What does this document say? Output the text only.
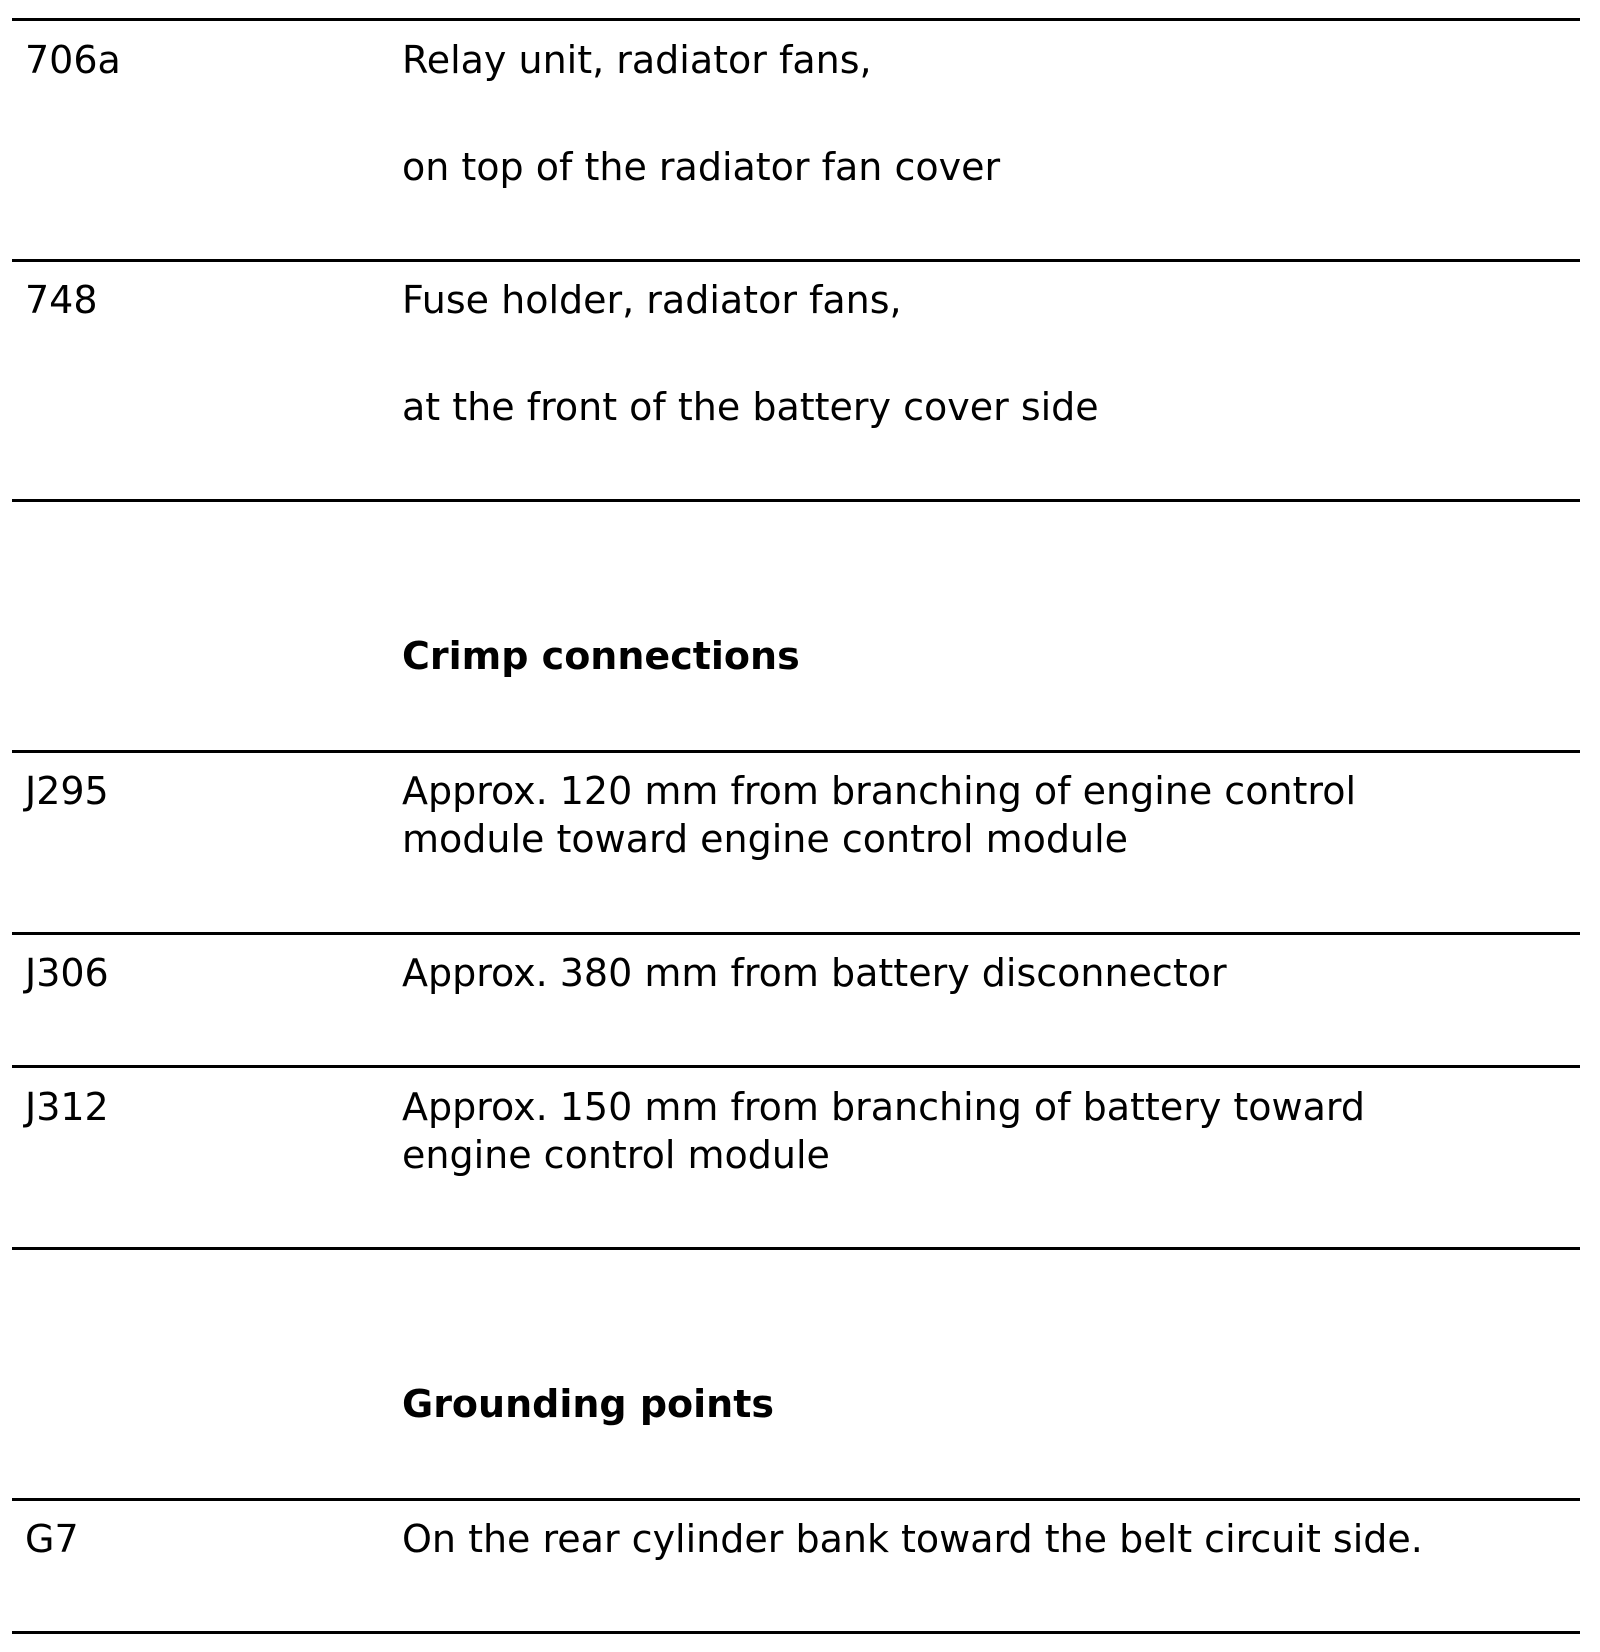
706a	Relay unit, radiator fans,
on top of the radiator fan cover
748	Fuse holder, radiator fans,
at the front of the battery cover side
Crimp connections
J295	Approx. 120 mm from branching of engine control
module toward engine control module
J306	Approx. 380 mm from battery disconnector
J312	Approx. 150 mm from branching of battery toward
engine control module
Grounding points
G7	On the rear cylinder bank toward the belt circuit side.
